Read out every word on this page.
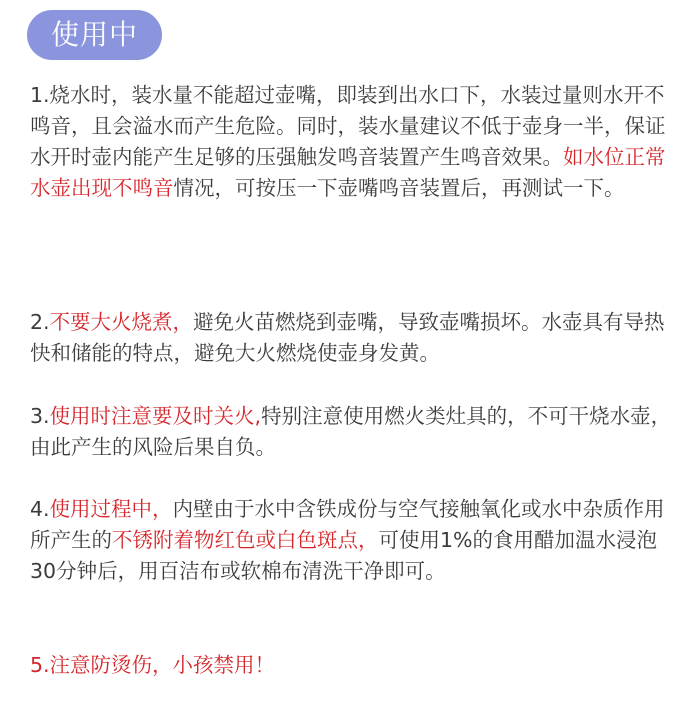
使用中

1.烧水时，装水量不能超过壶嘴，即装到出水口下，水装过量则水开不鸣音，且会溢水而产生危险。同时，装水量建议不低于壶身一半，保证水开时壶内能产生足够的压强触发鸣音装置产生鸣音效果。如水位正常水壶出现不鸣音情况，可按压一下壶嘴鸣音装置后，再测试一下。

2.不要大火烧煮，避免火苗燃烧到壶嘴，导致壶嘴损坏。水壶具有导热快和储能的特点，避免大火燃烧使壶身发黄。

3.使用时注意要及时关火,特别注意使用燃火类灶具的，不可干烧水壶，由此产生的风险后果自负。

4.使用过程中，内壁由于水中含铁成份与空气接触氧化或水中杂质作用所产生的不锈附着物红色或白色斑点，可使用1%的食用醋加温水浸泡30分钟后，用百洁布或软棉布清洗干净即可。

5.注意防烫伤，小孩禁用！
